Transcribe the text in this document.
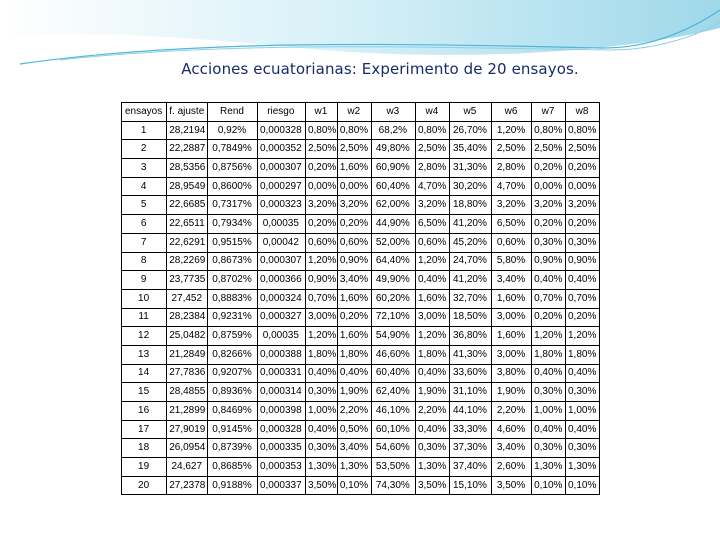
Acciones ecuatorianas: Experimento de 20 ensayos.
ensayos	f. ajuste	Rend	riesgo	w1	w2	w3	w4	w5	w6	w7	w8
1	28,2194	0,92%	0,000328	0,80%	0,80%	68,2%	0,80%	26,70%	1,20%	0,80%	0,80%
2	22,2887	0,7849%	0,000352	2,50%	2,50%	49,80%	2,50%	35,40%	2,50%	2,50%	2,50%
3	28,5356	0,8756%	0,000307	0,20%	1,60%	60,90%	2,80%	31,30%	2,80%	0,20%	0,20%
4	28,9549	0,8600%	0,000297	0,00%	0,00%	60,40%	4,70%	30,20%	4,70%	0,00%	0,00%
5	22,6685	0,7317%	0,000323	3,20%	3,20%	62,00%	3,20%	18,80%	3,20%	3,20%	3,20%
6	22,6511	0,7934%	0,00035	0,20%	0,20%	44,90%	6,50%	41,20%	6,50%	0,20%	0,20%
7	22,6291	0,9515%	0,00042	0,60%	0,60%	52,00%	0,60%	45,20%	0,60%	0,30%	0,30%
8	28,2269	0,8673%	0,000307	1,20%	0,90%	64,40%	1,20%	24,70%	5,80%	0,90%	0,90%
9	23,7735	0,8702%	0,000366	0,90%	3,40%	49,90%	0,40%	41,20%	3,40%	0,40%	0,40%
10	27,452	0,8883%	0,000324	0,70%	1,60%	60,20%	1,60%	32,70%	1,60%	0,70%	0,70%
11	28,2384	0,9231%	0,000327	3,00%	0,20%	72,10%	3,00%	18,50%	3,00%	0,20%	0,20%
12	25,0482	0,8759%	0,00035	1,20%	1,60%	54,90%	1,20%	36,80%	1,60%	1,20%	1,20%
13	21,2849	0,8266%	0,000388	1,80%	1,80%	46,60%	1,80%	41,30%	3,00%	1,80%	1,80%
14	27,7836	0,9207%	0,000331	0,40%	0,40%	60,40%	0,40%	33,60%	3,80%	0,40%	0,40%
15	28,4855	0,8936%	0,000314	0,30%	1,90%	62,40%	1,90%	31,10%	1,90%	0,30%	0,30%
16	21,2899	0,8469%	0,000398	1,00%	2,20%	46,10%	2,20%	44,10%	2,20%	1,00%	1,00%
17	27,9019	0,9145%	0,000328	0,40%	0,50%	60,10%	0,40%	33,30%	4,60%	0,40%	0,40%
18	26,0954	0,8739%	0,000335	0,30%	3,40%	54,60%	0,30%	37,30%	3,40%	0,30%	0,30%
19	24,627	0,8685%	0,000353	1,30%	1,30%	53,50%	1,30%	37,40%	2,60%	1,30%	1,30%
20	27,2378	0,9188%	0,000337	3,50%	0,10%	74,30%	3,50%	15,10%	3,50%	0,10%	0,10%
